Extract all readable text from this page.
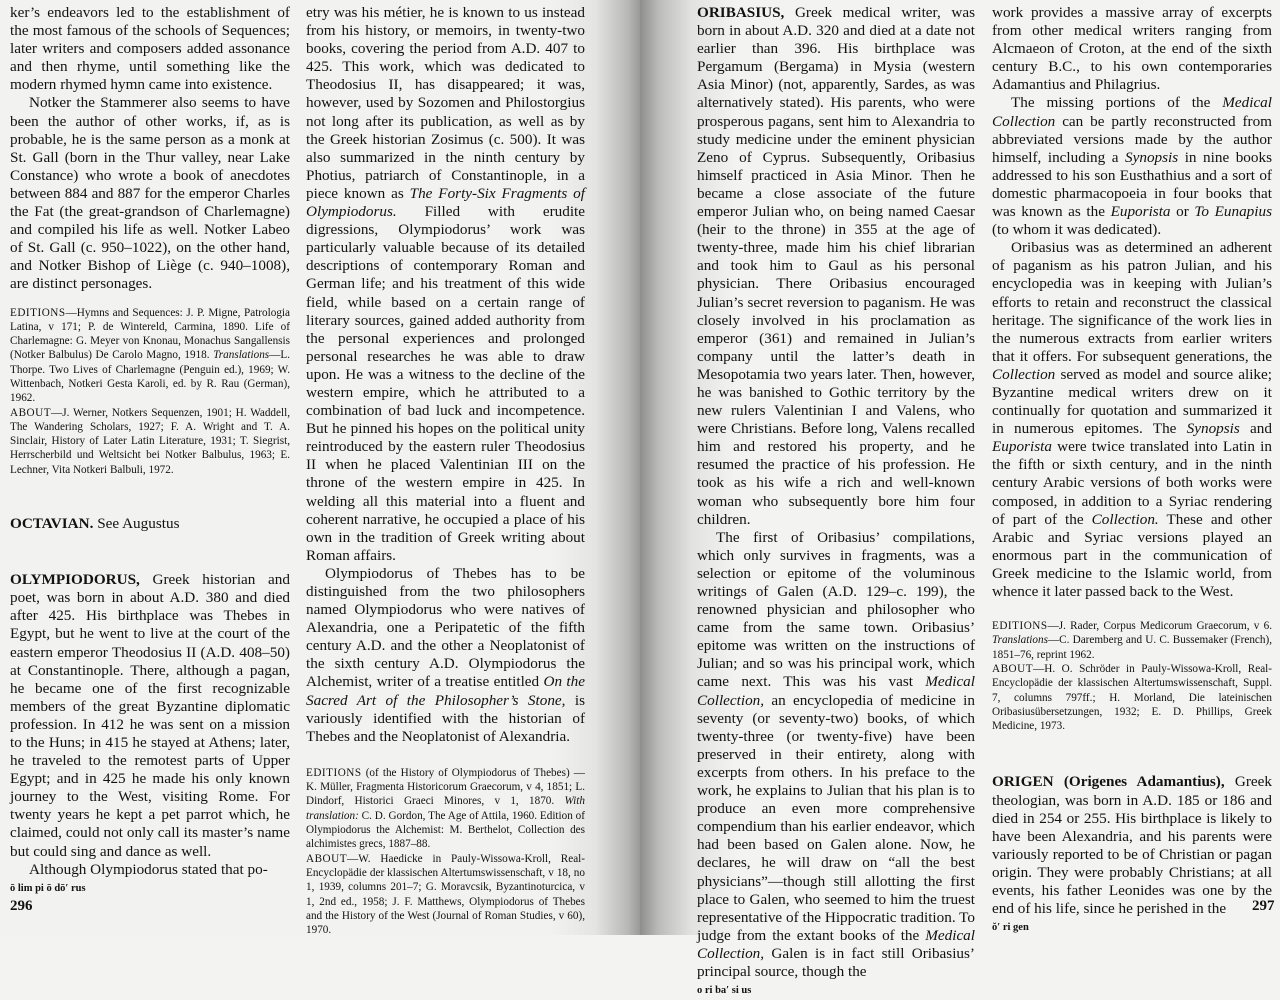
ker’s endeavors led to the establishment of the most famous of the schools of Sequences; later writers and composers added assonance and then rhyme, until something like the modern rhymed hymn came into existence.

Notker the Stammerer also seems to have been the author of other works, if, as is probable, he is the same person as a monk at St. Gall (born in the Thur valley, near Lake Constance) who wrote a book of anecdotes between 884 and 887 for the emperor Charles the Fat (the great-grandson of Charlemagne) and compiled his life as well. Notker Labeo of St. Gall (c. 950–1022), on the other hand, and Notker Bishop of Liège (c. 940–1008), are distinct personages.

EDITIONS—Hymns and Sequences: J. P. Migne, Patrologia Latina, v 171; P. de Wintereld, Carmina, 1890. Life of Charlemagne: G. Meyer von Knonau, Monachus Sangallensis (Notker Balbulus) De Carolo Magno, 1918. Translations—L. Thorpe. Two Lives of Charlemagne (Penguin ed.), 1969; W. Wittenbach, Notkeri Gesta Karoli, ed. by R. Rau (German), 1962.

ABOUT—J. Werner, Notkers Sequenzen, 1901; H. Waddell, The Wandering Scholars, 1927; F. A. Wright and T. A. Sinclair, History of Later Latin Literature, 1931; T. Siegrist, Herrscherbild und Weltsicht bei Notker Balbulus, 1963; E. Lechner, Vita Notkeri Balbuli, 1972.

OCTAVIAN. See Augustus

OLYMPIODORUS, Greek historian and poet, was born in about A.D. 380 and died after 425. His birthplace was Thebes in Egypt, but he went to live at the court of the eastern emperor Theodosius II (A.D. 408–50) at Constantinople. There, although a pagan, he became one of the first recognizable members of the great Byzantine diplomatic profession. In 412 he was sent on a mission to the Huns; in 415 he stayed at Athens; later, he traveled to the remotest parts of Upper Egypt; and in 425 he made his only known journey to the West, visiting Rome. For twenty years he kept a pet parrot which, he claimed, could not only call its master’s name but could sing and dance as well.

Although Olympiodorus stated that po-

ō lim pi ō dō′ rus

etry was his métier, he is known to us instead from his history, or memoirs, in twenty-two books, covering the period from A.D. 407 to 425. This work, which was dedicated to Theodosius II, has disappeared; it was, however, used by Sozomen and Philostorgius not long after its publication, as well as by the Greek historian Zosimus (c. 500). It was also summarized in the ninth century by Photius, patriarch of Constantinople, in a piece known as The Forty-Six Fragments of Olympiodorus. Filled with erudite digressions, Olympiodorus’ work was particularly valuable because of its detailed descriptions of contemporary Roman and German life; and his treatment of this wide field, while based on a certain range of literary sources, gained added authority from the personal experiences and prolonged personal researches he was able to draw upon. He was a witness to the decline of the western empire, which he attributed to a combination of bad luck and incompetence. But he pinned his hopes on the political unity reintroduced by the eastern ruler Theodosius II when he placed Valentinian III on the throne of the western empire in 425. In welding all this material into a fluent and coherent narrative, he occupied a place of his own in the tradition of Greek writing about Roman affairs.

Olympiodorus of Thebes has to be distinguished from the two philosophers named Olympiodorus who were natives of Alexandria, one a Peripatetic of the fifth century A.D. and the other a Neoplatonist of the sixth century A.D. Olympiodorus the Alchemist, writer of a treatise entitled On the Sacred Art of the Philosopher’s Stone, is variously identified with the historian of Thebes and the Neoplatonist of Alexandria.

EDITIONS (of the History of Olympiodorus of Thebes) —K. Müller, Fragmenta Historicorum Graecorum, v 4, 1851; L. Dindorf, Historici Graeci Minores, v 1, 1870. With translation: C. D. Gordon, The Age of Attila, 1960. Edition of Olympiodorus the Alchemist: M. Berthelot, Collection des alchimistes grecs, 1887–88.

ABOUT—W. Haedicke in Pauly-Wissowa-Kroll, Real-Encyclopädie der klassischen Altertumswissenschaft, v 18, no 1, 1939, columns 201–7; G. Moravcsik, Byzantinoturcica, v 1, 2nd ed., 1958; J. F. Matthews, Olympiodorus of Thebes and the History of the West (Journal of Roman Studies, v 60), 1970.

296

ORIBASIUS, Greek medical writer, was born in about A.D. 320 and died at a date not earlier than 396. His birthplace was Pergamum (Bergama) in Mysia (western Asia Minor) (not, apparently, Sardes, as was alternatively stated). His parents, who were prosperous pagans, sent him to Alexandria to study medicine under the eminent physician Zeno of Cyprus. Subsequently, Oribasius himself practiced in Asia Minor. Then he became a close associate of the future emperor Julian who, on being named Caesar (heir to the throne) in 355 at the age of twenty-three, made him his chief librarian and took him to Gaul as his personal physician. There Oribasius encouraged Julian’s secret reversion to paganism. He was closely involved in his proclamation as emperor (361) and remained in Julian’s company until the latter’s death in Mesopotamia two years later. Then, however, he was banished to Gothic territory by the new rulers Valentinian I and Valens, who were Christians. Before long, Valens recalled him and restored his property, and he resumed the practice of his profession. He took as his wife a rich and well-known woman who subsequently bore him four children.

The first of Oribasius’ compilations, which only survives in fragments, was a selection or epitome of the voluminous writings of Galen (A.D. 129–c. 199), the renowned physician and philosopher who came from the same town. Oribasius’ epitome was written on the instructions of Julian; and so was his principal work, which came next. This was his vast Medical Collection, an encyclopedia of medicine in seventy (or seventy-two) books, of which twenty-three (or twenty-five) have been preserved in their entirety, along with excerpts from others. In his preface to the work, he explains to Julian that his plan is to produce an even more comprehensive compendium than his earlier endeavor, which had been based on Galen alone. Now, he declares, he will draw on “all the best physicians”—though still allotting the first place to Galen, who seemed to him the truest representative of the Hippocratic tradition. To judge from the extant books of the Medical Collection, Galen is in fact still Oribasius’ principal source, though the

o ri ba′ si us

work provides a massive array of excerpts from other medical writers ranging from Alcmaeon of Croton, at the end of the sixth century B.C., to his own contemporaries Adamantius and Philagrius.

The missing portions of the Medical Collection can be partly reconstructed from abbreviated versions made by the author himself, including a Synopsis in nine books addressed to his son Eusthathius and a sort of domestic pharmacopoeia in four books that was known as the Euporista or To Eunapius (to whom it was dedicated).

Oribasius was as determined an adherent of paganism as his patron Julian, and his encyclopedia was in keeping with Julian’s efforts to retain and reconstruct the classical heritage. The significance of the work lies in the numerous extracts from earlier writers that it offers. For subsequent generations, the Collection served as model and source alike; Byzantine medical writers drew on it continually for quotation and summarized it in numerous epitomes. The Synopsis and Euporista were twice translated into Latin in the fifth or sixth century, and in the ninth century Arabic versions of both works were composed, in addition to a Syriac rendering of part of the Collection. These and other Arabic and Syriac versions played an enormous part in the communication of Greek medicine to the Islamic world, from whence it later passed back to the West.

EDITIONS—J. Rader, Corpus Medicorum Graecorum, v 6. Translations—C. Daremberg and U. C. Bussemaker (French), 1851–76, reprint 1962.

ABOUT—H. O. Schröder in Pauly-Wissowa-Kroll, Real-Encyclopädie der klassischen Altertumswissenschaft, Suppl. 7, columns 797ff.; H. Morland, Die lateinischen Oribasiusübersetzungen, 1932; E. D. Phillips, Greek Medicine, 1973.

ORIGEN (Origenes Adamantius), Greek theologian, was born in A.D. 185 or 186 and died in 254 or 255. His birthplace is likely to have been Alexandria, and his parents were variously reported to be of Christian or pagan origin. They were probably Christians; at all events, his father Leonides was one by the end of his life, since he perished in the

ŏ′ ri gen
297
